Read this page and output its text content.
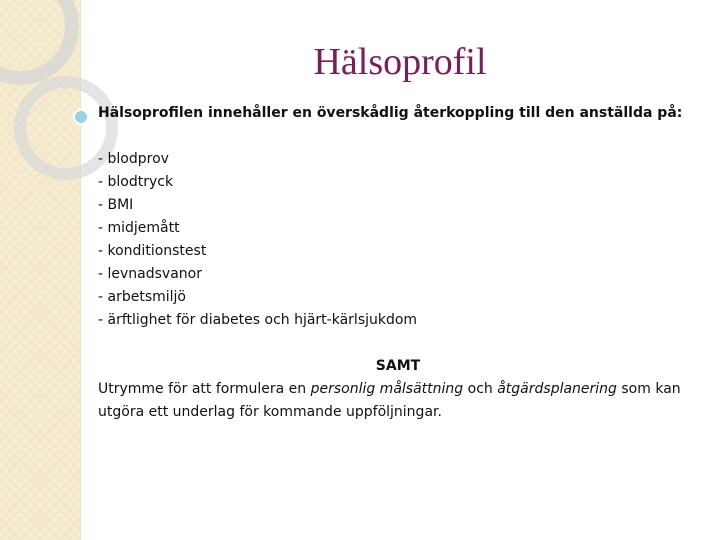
Hälsoprofil

Hälsoprofilen innehåller en överskådlig återkoppling till den anställda på:

- blodprov
- blodtryck
- BMI
- midjemått
- konditionstest
- levnadsvanor
- arbetsmiljö
- ärftlighet för diabetes och hjärt-kärlsjukdom

SAMT

Utrymme för att formulera en personlig målsättning och åtgärdsplanering som kan utgöra ett underlag för kommande uppföljningar.
